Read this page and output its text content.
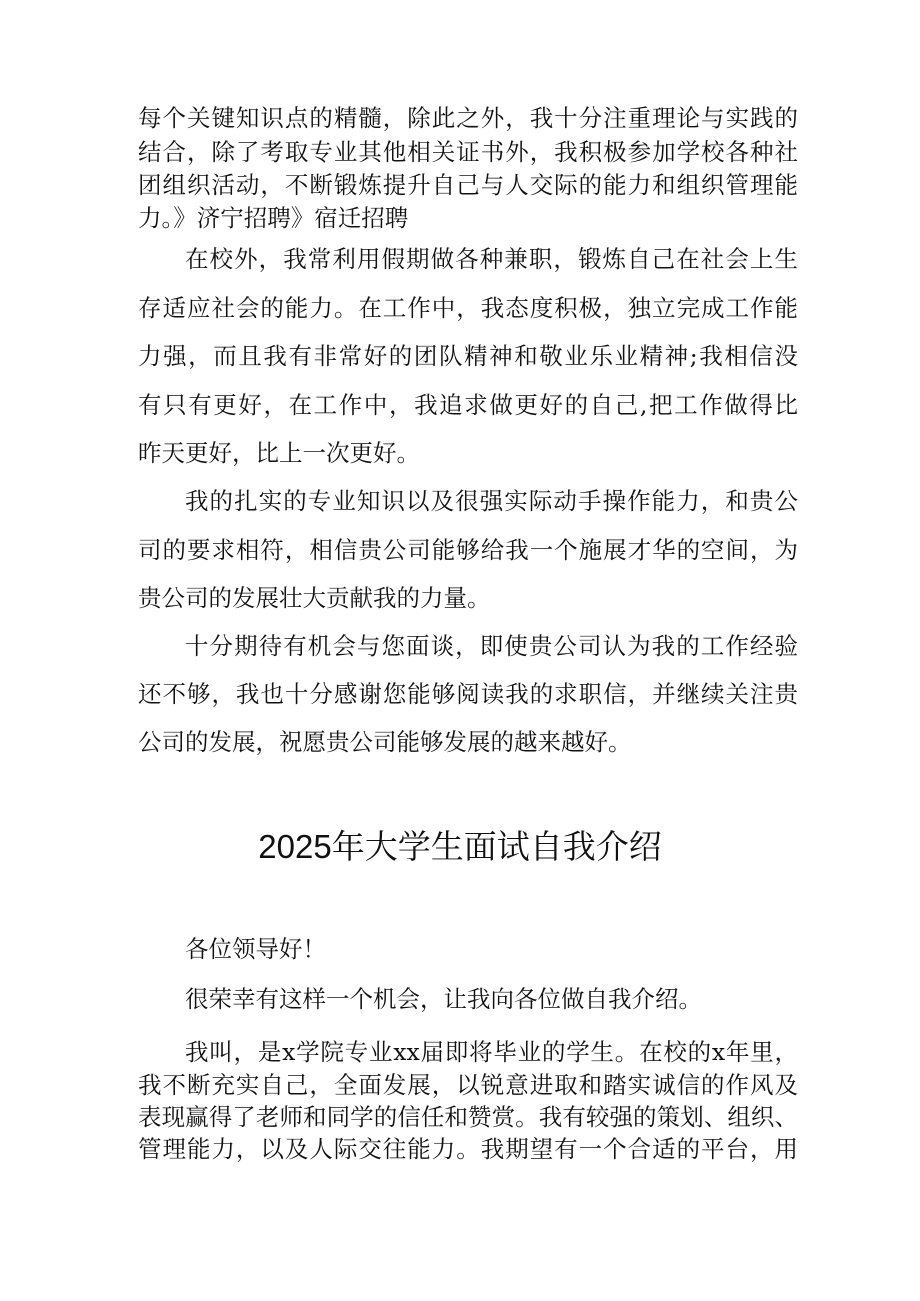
每个关键知识点的精髓，除此之外，我十分注重理论与实践的
结合，除了考取专业其他相关证书外，我积极参加学校各种社
团组织活动，不断锻炼提升自己与人交际的能力和组织管理能
力。》济宁招聘》宿迁招聘
在校外，我常利用假期做各种兼职，锻炼自己在社会上生
存适应社会的能力。在工作中，我态度积极，独立完成工作能
力强，而且我有非常好的团队精神和敬业乐业精神;我相信没
有只有更好，在工作中，我追求做更好的自己,把工作做得比
昨天更好，比上一次更好。
我的扎实的专业知识以及很强实际动手操作能力，和贵公
司的要求相符，相信贵公司能够给我一个施展才华的空间，为
贵公司的发展壮大贡献我的力量。
十分期待有机会与您面谈，即使贵公司认为我的工作经验
还不够，我也十分感谢您能够阅读我的求职信，并继续关注贵
公司的发展，祝愿贵公司能够发展的越来越好。
2025年大学生面试自我介绍
各位领导好！
很荣幸有这样一个机会，让我向各位做自我介绍。
我叫，是x学院专业xx届即将毕业的学生。在校的x年里，
我不断充实自己，全面发展，以锐意进取和踏实诚信的作风及
表现赢得了老师和同学的信任和赞赏。我有较强的策划、组织、
管理能力，以及人际交往能力。我期望有一个合适的平台，用
